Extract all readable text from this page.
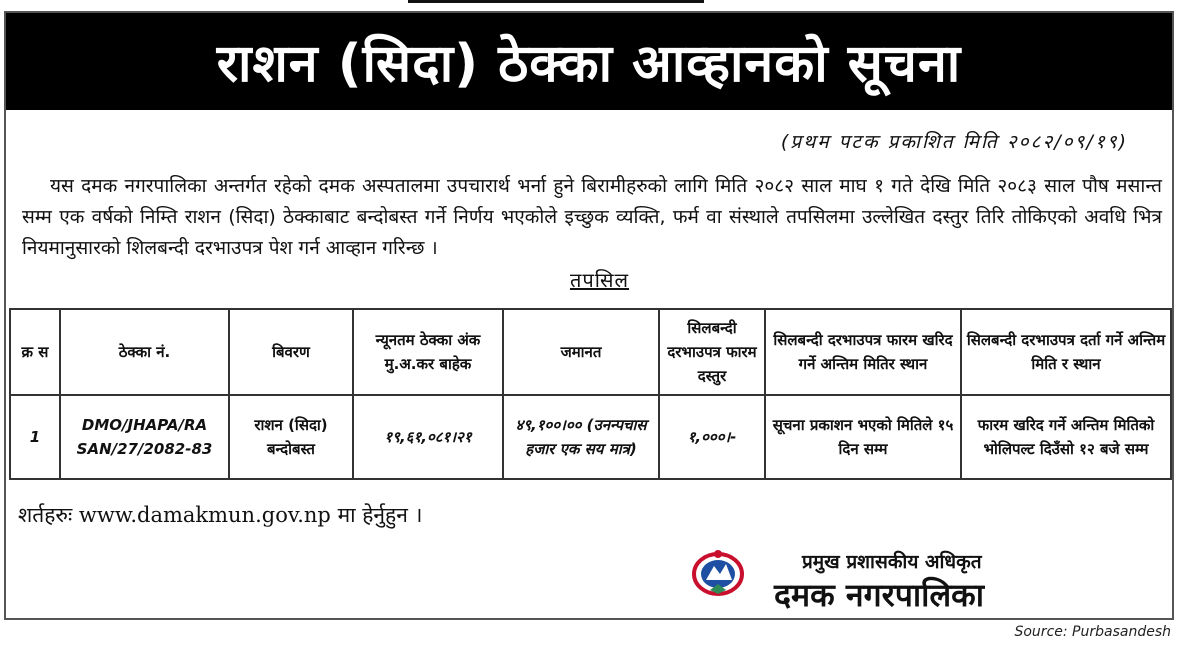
राशन (सिदा) ठेक्का आव्हानको सूचना
(प्रथम पटक प्रकाशित मिति २०८२/०९/१९)
यस दमक नगरपालिका अन्तर्गत रहेको दमक अस्पतालमा उपचारार्थ भर्ना हुने बिरामीहरुको लागि मिति २०८२ साल माघ १ गते देखि मिति २०८३ साल पौष मसान्त सम्म एक वर्षको निम्ति राशन (सिदा) ठेक्काबाट बन्दोबस्त गर्ने निर्णय भएकोले इच्छुक व्यक्ति, फर्म वा संस्थाले तपसिलमा उल्लेखित दस्तुर तिरि तोकिएको अवधि भित्र नियमानुसारको शिलबन्दी दरभाउपत्र पेश गर्न आव्हान गरिन्छ ।
तपसिल
क्र स	ठेक्का नं.	बिवरण	न्यूनतम ठेक्का अंक मु.अ.कर बाहेक	जमानत	सिलबन्दी दरभाउपत्र फारम दस्तुर	सिलबन्दी दरभाउपत्र फारम खरिद गर्ने अन्तिम मितिर स्थान	सिलबन्दी दरभाउपत्र दर्ता गर्ने अन्तिम मिति र स्थान
1	DMO/JHAPA/RA SAN/27/2082-83	राशन (सिदा) बन्दोबस्त	१९,६१,०८१।२१	४९,१००।०० (उनन्पचास हजार एक सय मात्र)	१,०००।-	सूचना प्रकाशन भएको मितिले १५ दिन सम्म	फारम खरिद गर्ने अन्तिम मितिको भोलिपल्ट दिउँसो १२ बजे सम्म
शर्तहरुः www.damakmun.gov.np मा हेर्नुहुन ।
प्रमुख प्रशासकीय अधिकृत
दमक नगरपालिका
Source: Purbasandesh
